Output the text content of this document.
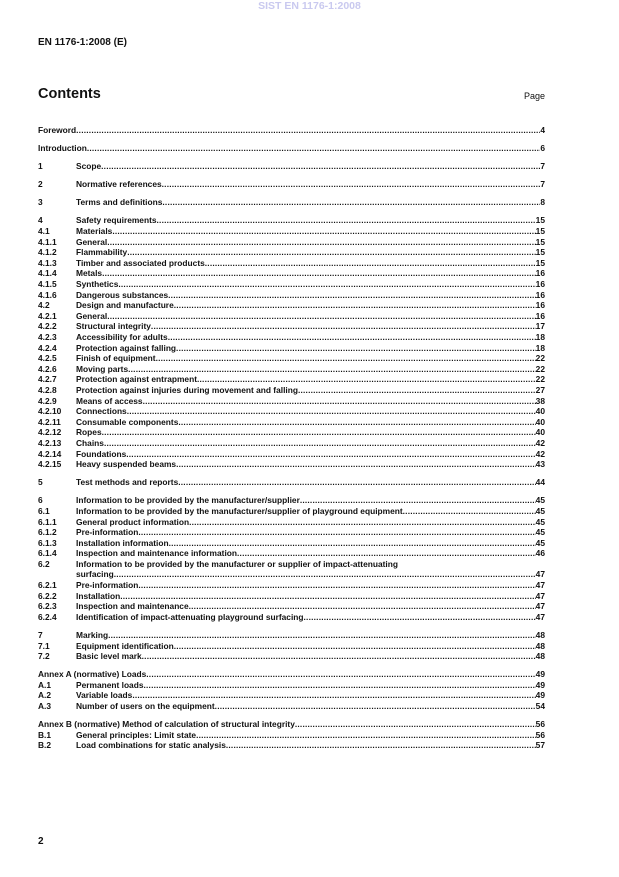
SIST EN 1176-1:2008
EN 1176-1:2008 (E)
Contents	Page
Foreword .....	4
Introduction .....	6
1	Scope .....	7
2	Normative references .....	7
3	Terms and definitions .....	8
4	Safety requirements .....	15
4.1	Materials .....	15
4.1.1	General .....	15
4.1.2	Flammability .....	15
4.1.3	Timber and associated products .....	15
4.1.4	Metals .....	16
4.1.5	Synthetics .....	16
4.1.6	Dangerous substances .....	16
4.2	Design and manufacture .....	16
4.2.1	General .....	16
4.2.2	Structural integrity .....	17
4.2.3	Accessibility for adults .....	18
4.2.4	Protection against falling .....	18
4.2.5	Finish of equipment .....	22
4.2.6	Moving parts .....	22
4.2.7	Protection against entrapment .....	22
4.2.8	Protection against injuries during movement and falling .....	27
4.2.9	Means of access .....	38
4.2.10	Connections .....	40
4.2.11	Consumable components .....	40
4.2.12	Ropes .....	40
4.2.13	Chains .....	42
4.2.14	Foundations .....	42
4.2.15	Heavy suspended beams .....	43
5	Test methods and reports .....	44
6	Information to be provided by the manufacturer/supplier .....	45
6.1	Information to be provided by the manufacturer/supplier of playground equipment .....	45
6.1.1	General product information .....	45
6.1.2	Pre-information .....	45
6.1.3	Installation information .....	45
6.1.4	Inspection and maintenance information .....	46
6.2	Information to be provided by the manufacturer or supplier of impact-attenuating
surfacing .....	47
6.2.1	Pre-information .....	47
6.2.2	Installation .....	47
6.2.3	Inspection and maintenance .....	47
6.2.4	Identification of impact-attenuating playground surfacing .....	47
7	Marking .....	48
7.1	Equipment identification .....	48
7.2	Basic level mark .....	48
Annex A (normative) Loads .....	49
A.1	Permanent loads .....	49
A.2	Variable loads .....	49
A.3	Number of users on the equipment .....	54
Annex B (normative) Method of calculation of structural integrity .....	56
B.1	General principles: Limit state .....	56
B.2	Load combinations for static analysis .....	57
2
